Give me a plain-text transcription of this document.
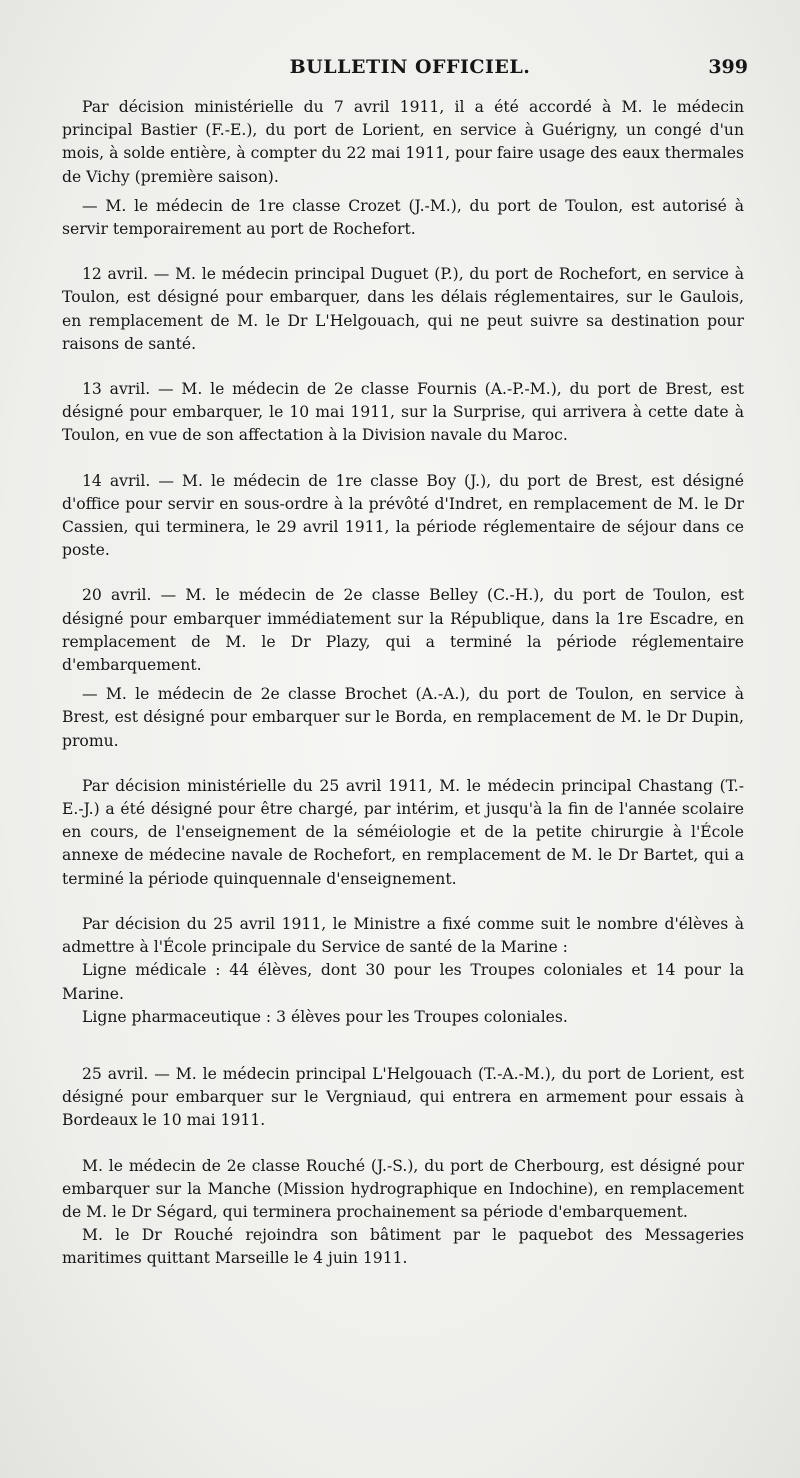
BULLETIN OFFICIEL.	399

Par décision ministérielle du 7 avril 1911, il a été accordé à M. le médecin principal Bastier (F.-E.), du port de Lorient, en service à Guérigny, un congé d'un mois, à solde entière, à compter du 22 mai 1911, pour faire usage des eaux thermales de Vichy (première saison).

— M. le médecin de 1re classe Crozet (J.-M.), du port de Toulon, est autorisé à servir temporairement au port de Rochefort.

12 avril. — M. le médecin principal Duguet (P.), du port de Rochefort, en service à Toulon, est désigné pour embarquer, dans les délais réglementaires, sur le Gaulois, en remplacement de M. le Dr L'Helgouach, qui ne peut suivre sa destination pour raisons de santé.

13 avril. — M. le médecin de 2e classe Fournis (A.-P.-M.), du port de Brest, est désigné pour embarquer, le 10 mai 1911, sur la Surprise, qui arrivera à cette date à Toulon, en vue de son affectation à la Division navale du Maroc.

14 avril. — M. le médecin de 1re classe Boy (J.), du port de Brest, est désigné d'office pour servir en sous-ordre à la prévôté d'Indret, en remplacement de M. le Dr Cassien, qui terminera, le 29 avril 1911, la période réglementaire de séjour dans ce poste.

20 avril. — M. le médecin de 2e classe Belley (C.-H.), du port de Toulon, est désigné pour embarquer immédiatement sur la République, dans la 1re Escadre, en remplacement de M. le Dr Plazy, qui a terminé la période réglementaire d'embarquement.

— M. le médecin de 2e classe Brochet (A.-A.), du port de Toulon, en service à Brest, est désigné pour embarquer sur le Borda, en remplacement de M. le Dr Dupin, promu.

Par décision ministérielle du 25 avril 1911, M. le médecin principal Chastang (T.-E.-J.) a été désigné pour être chargé, par intérim, et jusqu'à la fin de l'année scolaire en cours, de l'enseignement de la séméiologie et de la petite chirurgie à l'École annexe de médecine navale de Rochefort, en remplacement de M. le Dr Bartet, qui a terminé la période quinquennale d'enseignement.

Par décision du 25 avril 1911, le Ministre a fixé comme suit le nombre d'élèves à admettre à l'École principale du Service de santé de la Marine :

Ligne médicale : 44 élèves, dont 30 pour les Troupes coloniales et 14 pour la Marine.

Ligne pharmaceutique : 3 élèves pour les Troupes coloniales.

25 avril. — M. le médecin principal L'Helgouach (T.-A.-M.), du port de Lorient, est désigné pour embarquer sur le Vergniaud, qui entrera en armement pour essais à Bordeaux le 10 mai 1911.

M. le médecin de 2e classe Rouché (J.-S.), du port de Cherbourg, est désigné pour embarquer sur la Manche (Mission hydrographique en Indochine), en remplacement de M. le Dr Ségard, qui terminera prochainement sa période d'embarquement.

M. le Dr Rouché rejoindra son bâtiment par le paquebot des Messageries maritimes quittant Marseille le 4 juin 1911.
